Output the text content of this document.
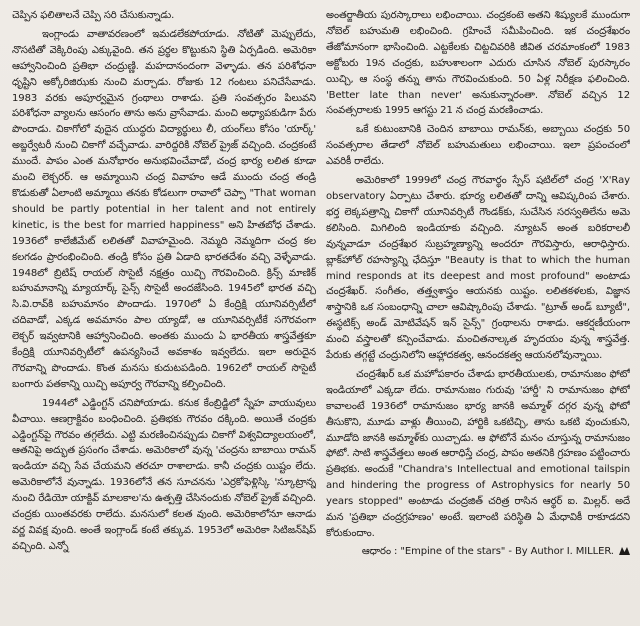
చెప్పిన ఫలితాలనే చెప్పి సరి చేసుకున్నాడు.

ఇంగ్లాండు వాతావరణంలో ఇమడలేకపోయాడు. నోటితో మెప్పులేదు, నొసటితో వెక్కిరింపు ఎక్కువైంది. తన ప్రర్థల కొట్టుకుని స్థితి ఏర్పడింది. అమెరికా ఆహ్వానించింది ప్రతిభా చంద్రుణ్ణి. మహదానందంగా వెళ్ళాడు. తన పరిశోధనా ధృష్టిని అక్కోరిజిఝకు నుంచి మర్చాడు. రోజుకు 12 గంటలు పనిచేసేవాడు. 1983 వరకు అపూర్వమైన గ్రంథాలు రాశాడు. ప్రతి సంవత్సరం పిలువని పరిశోధనా వ్యాలను ఆసంగం తాను అను వ్రాసేవాడు. మంచి అధ్యాపకుడిగా పేరు పొందాడు. చికాగోలో వుదైన యుద్ధరు విద్యార్థులు లీ, యంగ్‌లు కోసం 'యార్క్' అబ్జర్వేటరీ నుంచి చికాగో వచ్చేవాడు. వారిద్దరికి నోబెల్ ప్రైజ్ వచ్చింది. చంద్రకంటే ముందే. పాపం ఎంత మనోభారం అనుభవించేవాడో, చంద్ర భార్య లలిత కూడా మంచి లెక్చరర్. ఆ అమ్మాయిని చంద్ర వివాహం ఆడే ముందు చంద్ర తండ్రి కొడుకుతో ఏలాంటి అమ్మాయి తనకు కోడలుగా రావాలో చెప్పా "That woman should be partly potential in her talent and not entirely kinetic, is the best for married happiness" అని హితబోధ చేశాడు. 1936లో కాలేజీమేట్ లలితతో వివాహమైంది. నెమ్మది నెమ్మదిగా చంద్ర కల కలగడం ప్రారంభించింది. తండ్రి కోసం ప్రతి ఏడాది భారతదేశం వచ్చి వెళ్ళేవాడు. 1948లో బ్రిటిష్ రాయల్ సొసైటీ నక్షత్రం యిచ్చి గౌరవించింది. క్రిన్స్ మాణిక్ బహుమానాన్ని మ్యాయార్క్ సైన్స్ సొసైటీ అందజేసింది. 1945లో భారత వచ్చి సి.వి.రావ్‌కి బహుమానం పొందాడు. 1970లో ఏ కేంద్రిక్షి యూనివర్సిటీలో చదివాడో, ఎక్కడ అవమానం పాల య్యాడో, ఆ యూనివర్సిటీకే సగౌరవంగా లెక్చర్ ఇవ్వటానికి ఆహ్వానించింది. అంతకు ముందు ఏ భారతీయ శాస్త్రవేత్తకూ కేంద్రిక్షి యూనివర్సిటీలో ఉపన్యసించే అవకాశం ఇవ్వలేదు. ఇలా అరుదైన గౌరవాన్ని పొందాడు. కొంత మనసు కుదుటపడింది. 1962లో రాయల్ సొసైటీ బంగారు పతకాన్ని యిచ్చి అపూర్వ గౌరవాన్ని కల్పించింది.

1944లో ఎడ్డింగ్టన్ చనిపోయాడు. కనుక కేంబ్రిడ్జిలో స్నేహ వాయువులు వీచాయి. ఆణగ్రాక్టివం బంధించింది. ప్రతిభకు గౌరవం దక్కింది. అయితే చంద్రకు ఎడ్డింగ్టన్‌పై గౌరవం తగ్గలేదు. ఎట్టి మరణించినప్పుడు చికాగో విశ్వవిద్యాలయంలో, ఆతనిపై అద్భుత ప్రసంగం చేశాడు. అమెరికాలో వున్న 'చంద్రను బాబాయి రామన్ ఇండియా వచ్చి సేవ చేయమని తరచూ రాశాలాడు. కానీ చంద్రకు యిష్టం లేదు. అమెరికాలోనే వున్నాడు. 1936లోనే తన సూచనను 'ఎర్రకోఫెళ్లిస్కి 'స్కూట్రాన్న నుంచి రేడియో యాక్టివ్ మాలకాల'ను ఉత్పత్తి చేసినందుకు నోబెల్ ప్రైజ్ వచ్చింది. చంద్రకు యింతవరకు రాలేదు. మనసులో కలత వుంది. అమెరికాలోనూ ఆనాడు వర్ణ వివక్ష వుంది. అంతే ఇంగ్లాండ్ కంటే తక్కువ. 1953లో అమెరికా సిటిజన్‌షిప్ వచ్చింది. ఎన్నో

అంతర్జాతీయ పురస్కారాలు లభించాయి. చంద్రకంటె అతని శిష్యులకే ముందుగా నోబెల్ బహుమతి లభించింది. గ్రహించే సమీపించింది. ఇక చంద్రశేఖరం తేజోమానంగా భాసించింది. ఎట్టకేలకు చిట్టచివరికి జీవిత చరమాంకంలో 1983 అక్టోబరు 19న చంద్రకు, బహుశాలంగా ఎదురు చూసిన నోబెల్ పురస్కారం యిచ్చి, ఆ సంస్థ తన్ను తాను గౌరవించుకుంది. 50 ఏళ్ల నిరీక్షణ ఫలించింది. 'Better late than never' అనుకున్నారంతా. నోబెల్ వచ్చిన 12 సంవత్సరాలకు 1995 ఆగస్టు 21 న చంద్ర మరణించాడు.

ఒకే కుటుంబానికి చెందిన బాబాయి రామన్‌కు, అబ్బాయి చంద్రకు 50 సంవత్సరాల తేడాలో నోబెల్ బహుమతులు లభించాయి. ఇలా ప్రపంచంలో ఎవరికీ రాలేదు.

అమెరికాలో 1999లో చంద్ర గౌరవార్థం స్పేస్ షటిల్‌లో చంద్ర 'X'Ray observatory ఏర్పాటు చేశారు. భూర్య లలితతో దాన్ని ఆవిష్కరింప చేశారు. భర్త లెక్కపత్రాన్ని చికాగో యూనివర్సిటీ గౌండక్‌కు, సుచేసిన సరస్వతిలేను అమె కలిసింది. మిగిలింది ఇండియాకు వచ్చింది. న్యూటన్ అంత బరికరాలలీ వున్నవాడూ చంద్రశేఖర సుబ్రహ్మణ్యాన్ని అందరూ గౌరవిస్తారు, ఆరాధిస్తారు. బ్లాక్‌హోల్ రహస్యాన్ని ఛేదిస్తూ "Beauty is that to which the human mind responds at its deepest and most profound" అంటాడు చంద్రశేఖర్. సంగీతం, తత్త్వశాస్త్రం ఆయనకు యిష్టం. లలితకళలకు, విజ్ఞాన శాస్త్రానికి ఒక సంబంధాన్ని చాలా ఆవిష్కారింపు చేశాడు. "ట్రూత్ అండ్ బ్యూటీ", ఈస్థటిక్స్ అండ్ మోటివేషన్ ఇన్ సైన్స్" గ్రంథాలను రాశాడు. ఆకర్షణీయంగా మంచి వస్త్రాలతో కన్పించేవాడు. మంచితనాల్కత హృదయం వున్న శాస్త్రవేత్త. పేరుకు తగ్గట్టే చంద్రునిలోని ఆహ్లాదకత్వ, ఆనందకత్వ ఆయనలోవున్నాయి.

చంద్రశేఖర్ ఒక మహోపకారం చేశాడు భారతీయులకు, రామానుజం ఫోటో ఇండియాలో ఎక్కడా లేదు. రామానుజం గురువు 'హార్డీ' ని రామానుజం ఫోటో కావాలంటే 1936లో రామానుజం భార్య జానకి అమ్మాళ్ దగ్గర వున్న ఫోటో తీసుకొని, మూడు వాళ్లు తీయించి, హార్టికి ఒకటిచ్చి, తాను ఒకటి వుంచుకుని, మూడోది జానకి అమ్మాళ్‌కు యిచ్చాడు. ఆ ఫోటోనే మనం చూస్తున్న రామానుజం ఫోటో. సాటి శాస్త్రవేత్తలు అంత ఆరాధిస్తే చంద్ర, పాపం అతనికి గ్రహణం పట్టించారు ప్రతిభకు. అందుకే "Chandra's Intellectual and emotional tailspin and hindering the progress of Astrophysics for nearly 50 years stopped" అంటాడు చంద్రజిత్ చరిత్ర రాసిన ఆర్థర్ ఐ. మిల్లర్. అదే మన 'ప్రతిభా చంద్రగ్రహణం' అంటే. ఇలాంటి పరిస్థితి ఏ మేధావికీ రాకూడదని కోరుకుందాం.

ఆధారం : "Empine of the stars" - By Author I. MILLER.
